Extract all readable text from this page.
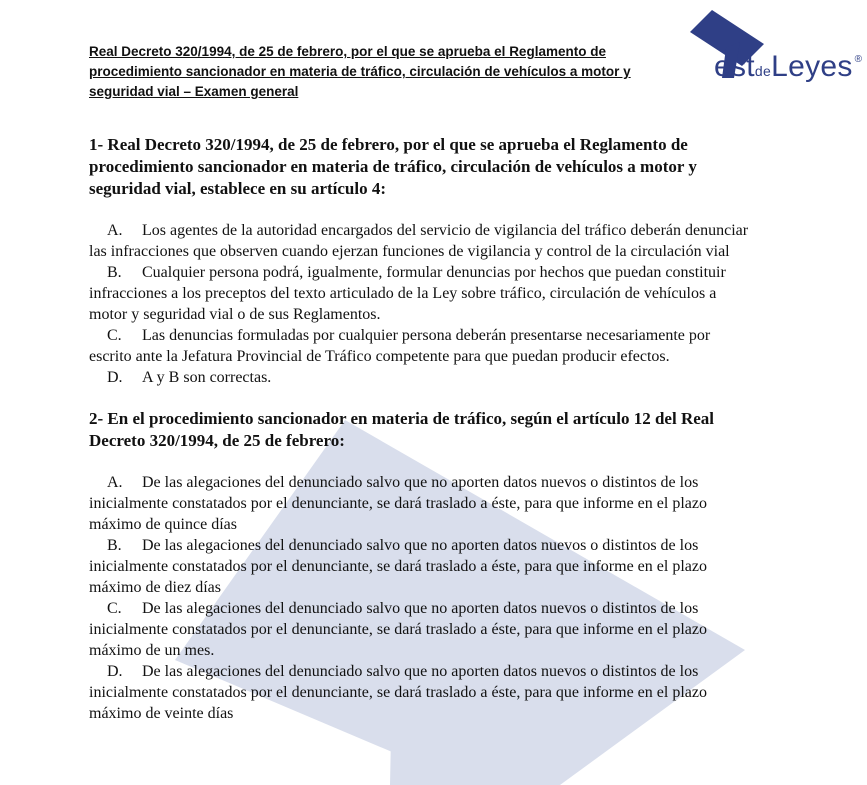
estdeLeyes ®

Real Decreto 320/1994, de 25 de febrero, por el que se aprueba el Reglamento de procedimiento sancionador en materia de tráfico, circulación de vehículos a motor y seguridad vial – Examen general

1- Real Decreto 320/1994, de 25 de febrero, por el que se aprueba el Reglamento de procedimiento sancionador en materia de tráfico, circulación de vehículos a motor y seguridad vial, establece en su artículo 4:

A. Los agentes de la autoridad encargados del servicio de vigilancia del tráfico deberán denunciar las infracciones que observen cuando ejerzan funciones de vigilancia y control de la circulación vial
B. Cualquier persona podrá, igualmente, formular denuncias por hechos que puedan constituir infracciones a los preceptos del texto articulado de la Ley sobre tráfico, circulación de vehículos a motor y seguridad vial o de sus Reglamentos.
C. Las denuncias formuladas por cualquier persona deberán presentarse necesariamente por escrito ante la Jefatura Provincial de Tráfico competente para que puedan producir efectos.
D. A y B son correctas.

2- En el procedimiento sancionador en materia de tráfico, según el artículo 12 del Real Decreto 320/1994, de 25 de febrero:

A. De las alegaciones del denunciado salvo que no aporten datos nuevos o distintos de los inicialmente constatados por el denunciante, se dará traslado a éste, para que informe en el plazo máximo de quince días
B. De las alegaciones del denunciado salvo que no aporten datos nuevos o distintos de los inicialmente constatados por el denunciante, se dará traslado a éste, para que informe en el plazo máximo de diez días
C. De las alegaciones del denunciado salvo que no aporten datos nuevos o distintos de los inicialmente constatados por el denunciante, se dará traslado a éste, para que informe en el plazo máximo de un mes.
D. De las alegaciones del denunciado salvo que no aporten datos nuevos o distintos de los inicialmente constatados por el denunciante, se dará traslado a éste, para que informe en el plazo máximo de veinte días
